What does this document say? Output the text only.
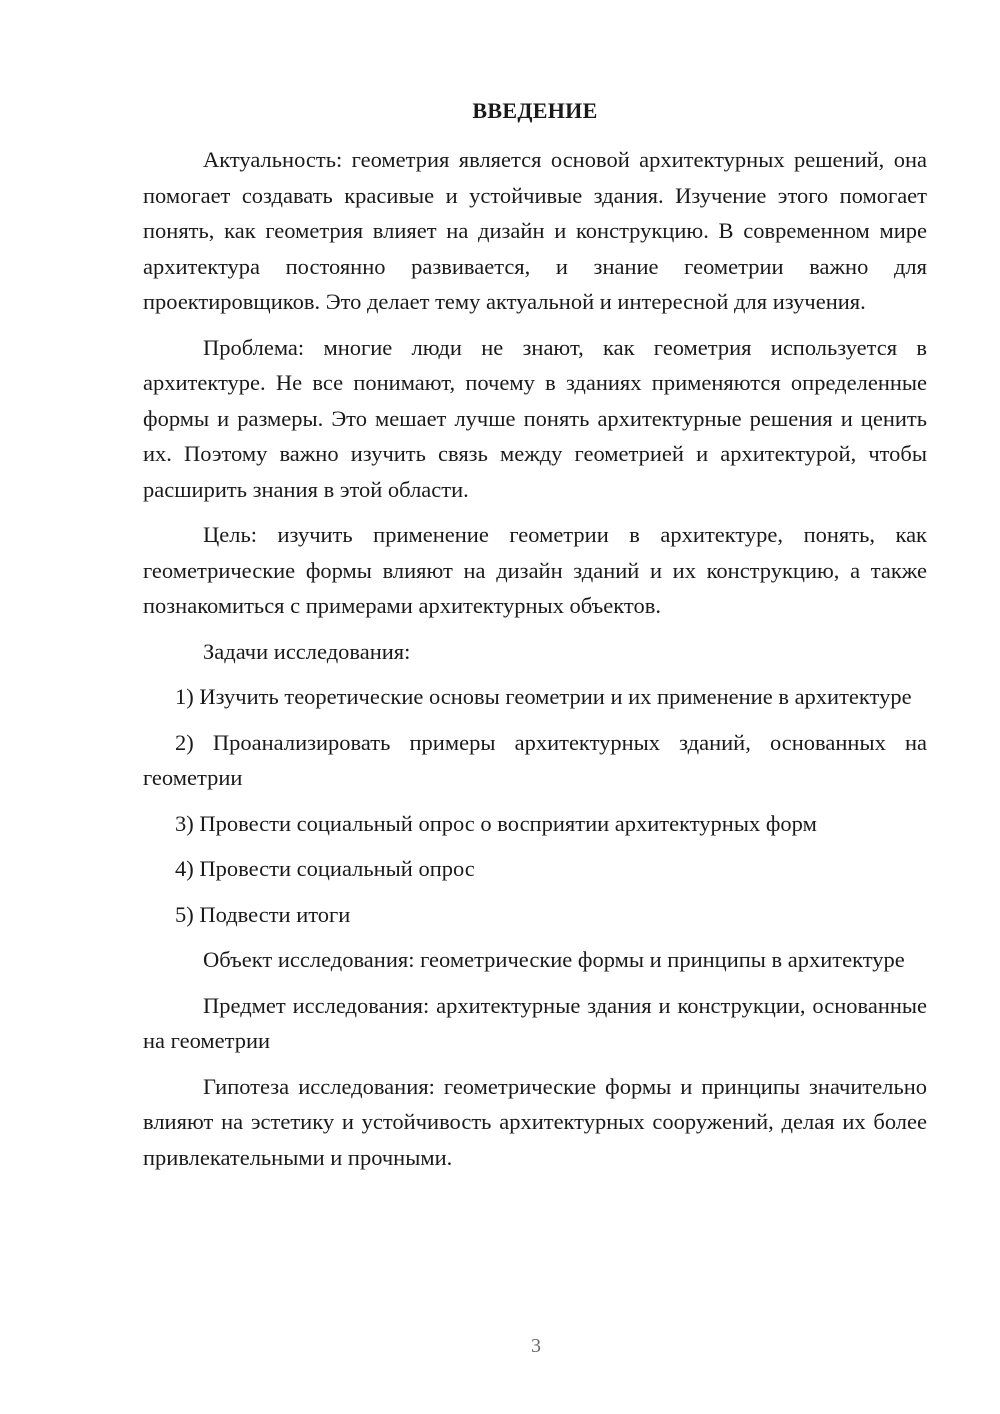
ВВЕДЕНИЕ

Актуальность: геометрия является основой архитектурных решений, она помогает создавать красивые и устойчивые здания. Изучение этого помогает понять, как геометрия влияет на дизайн и конструкцию. В современном мире архитектура постоянно развивается, и знание геометрии важно для проектировщиков. Это делает тему актуальной и интересной для изучения.

Проблема: многие люди не знают, как геометрия используется в архитектуре. Не все понимают, почему в зданиях применяются определенные формы и размеры. Это мешает лучше понять архитектурные решения и ценить их. Поэтому важно изучить связь между геометрией и архитектурой, чтобы расширить знания в этой области.

Цель: изучить применение геометрии в архитектуре, понять, как геометрические формы влияют на дизайн зданий и их конструкцию, а также познакомиться с примерами архитектурных объектов.

Задачи исследования:

1) Изучить теоретические основы геометрии и их применение в архитектуре

2) Проанализировать примеры архитектурных зданий, основанных на геометрии

3) Провести социальный опрос о восприятии архитектурных форм

4) Провести социальный опрос

5) Подвести итоги

Объект исследования: геометрические формы и принципы в архитектуре

Предмет исследования: архитектурные здания и конструкции, основанные на геометрии

Гипотеза исследования: геометрические формы и принципы значительно влияют на эстетику и устойчивость архитектурных сооружений, делая их более привлекательными и прочными.

3
